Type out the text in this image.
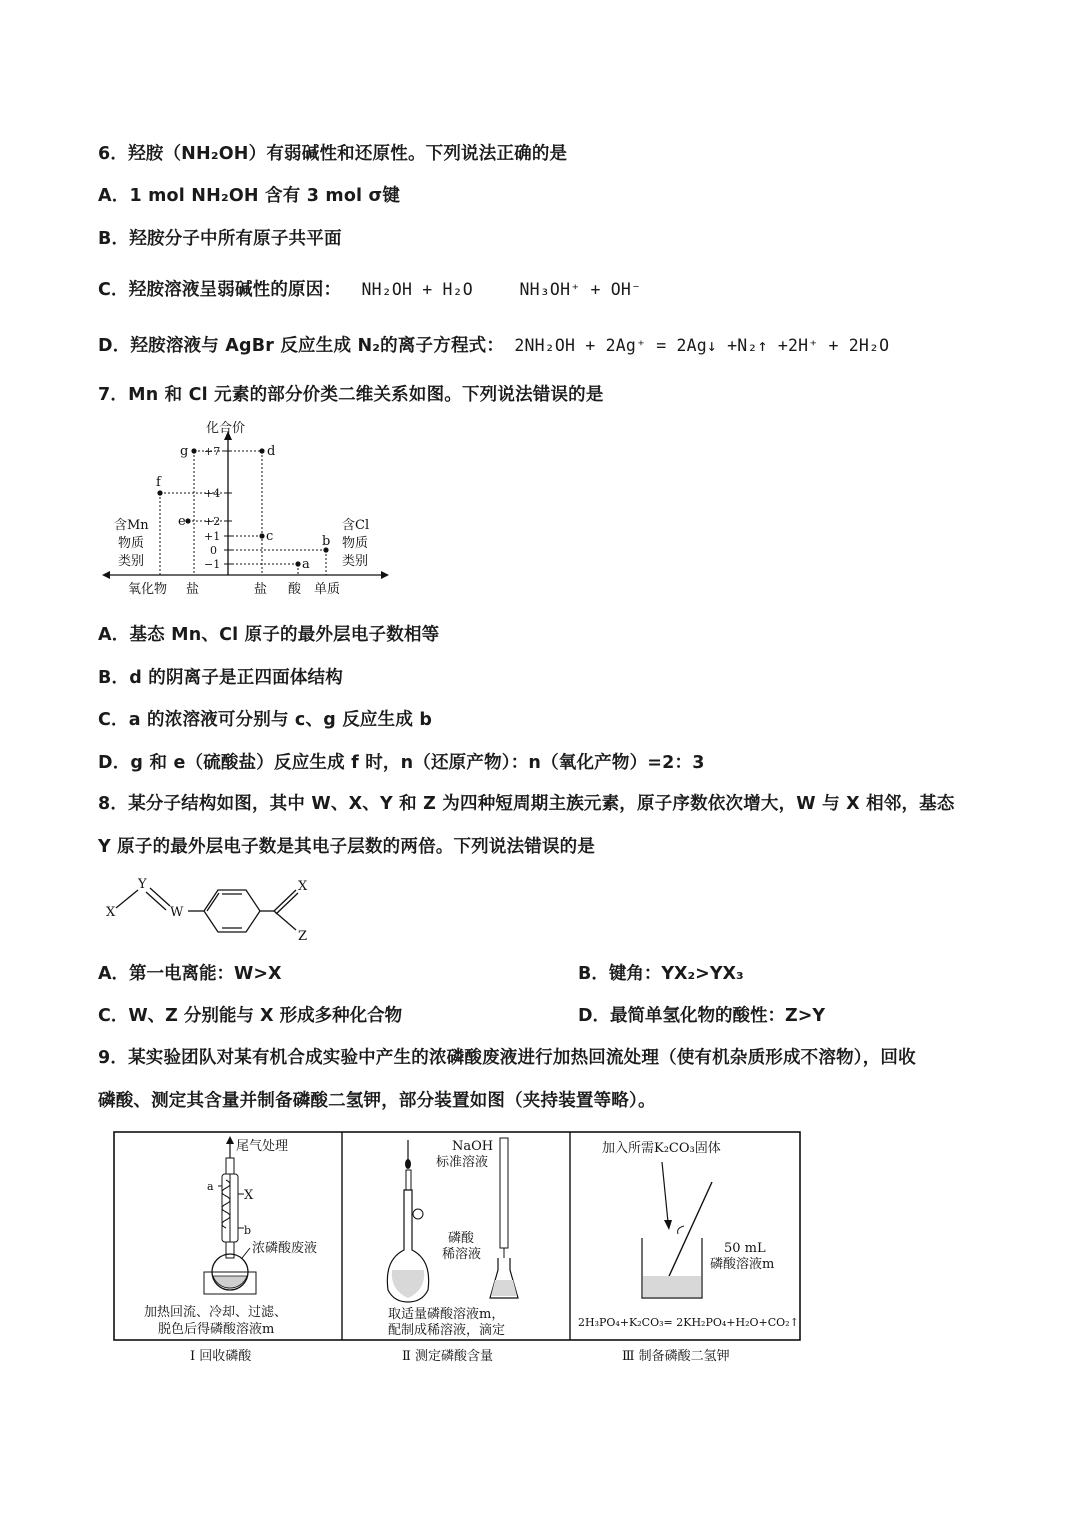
6．羟胺（NH₂OH）有弱碱性和还原性。下列说法正确的是
A．1 mol NH₂OH 含有 3 mol σ键
B．羟胺分子中所有原子共平面
C．羟胺溶液呈弱碱性的原因： NH₂OH + H₂O ⇌ NH₃OH⁺ + OH⁻
D．羟胺溶液与 AgBr 反应生成 N₂的离子方程式： 2NH₂OH + 2Ag⁺ = 2Ag↓ +N₂↑ +2H⁺ + 2H₂O
7．Mn 和 Cl 元素的部分价类二维关系如图。下列说法错误的是
化合价
+7
+4
+2
+1
0
−1
g	d
f
e
c	b
a
含Mn
物质
类别
含Cl
物质
类别
氧化物 盐	盐 酸 单质
A．基态 Mn、Cl 原子的最外层电子数相等
B．d 的阴离子是正四面体结构
C．a 的浓溶液可分别与 c、g 反应生成 b
D．g 和 e（硫酸盐）反应生成 f 时，n（还原产物）：n（氧化产物）=2：3
8．某分子结构如图，其中 W、X、Y 和 Z 为四种短周期主族元素，原子序数依次增大，W 与 X 相邻，基态
Y 原子的最外层电子数是其电子层数的两倍。下列说法错误的是
X
Y
W
X
Z
A．第一电离能：W>X	B．键角：YX₂>YX₃
C．W、Z 分别能与 X 形成多种化合物	D．最简单氢化物的酸性：Z>Y
9．某实验团队对某有机合成实验中产生的浓磷酸废液进行加热回流处理（使有机杂质形成不溶物），回收
磷酸、测定其含量并制备磷酸二氢钾，部分装置如图（夹持装置等略）。
尾气处理
a
X
b
浓磷酸废液
加热回流、冷却、过滤、
脱色后得磷酸溶液m
Ⅰ 回收磷酸
NaOH
标准溶液
磷酸
稀溶液
取适量磷酸溶液m，
配制成稀溶液，滴定
Ⅱ 测定磷酸含量
加入所需K₂CO₃固体
50 mL
磷酸溶液m
2H₃PO₄+K₂CO₃= 2KH₂PO₄+H₂O+CO₂↑
Ⅲ 制备磷酸二氢钾
